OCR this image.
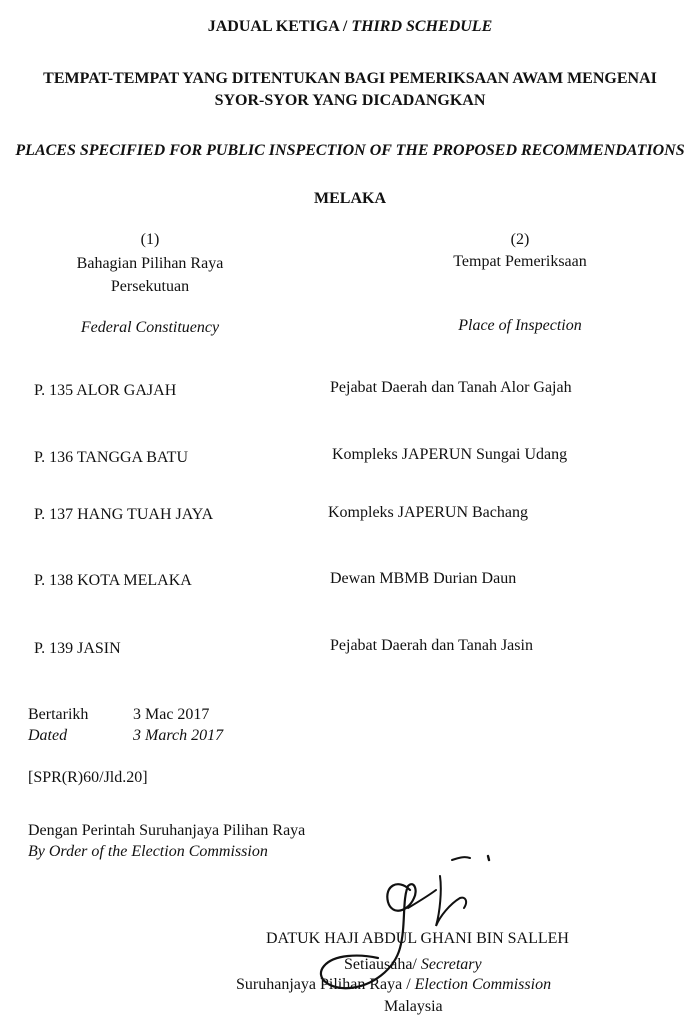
JADUAL KETIGA / THIRD SCHEDULE
TEMPAT-TEMPAT YANG DITENTUKAN BAGI PEMERIKSAAN AWAM MENGENAI
SYOR-SYOR YANG DICADANGKAN
PLACES SPECIFIED FOR PUBLIC INSPECTION OF THE PROPOSED RECOMMENDATIONS
MELAKA
(1)
Bahagian Pilihan Raya
Persekutuan
Federal Constituency
(2)
Tempat Pemeriksaan
Place of Inspection
P. 135 ALOR GAJAH	Pejabat Daerah dan Tanah Alor Gajah
P. 136 TANGGA BATU	Kompleks JAPERUN Sungai Udang
P. 137 HANG TUAH JAYA	Kompleks JAPERUN Bachang
P. 138 KOTA MELAKA	Dewan MBMB Durian Daun
P. 139 JASIN	Pejabat Daerah dan Tanah Jasin
Bertarikh	3 Mac 2017
Dated	3 March 2017
[SPR(R)60/Jld.20]
Dengan Perintah Suruhanjaya Pilihan Raya
By Order of the Election Commission
DATUK HAJI ABDUL GHANI BIN SALLEH
Setiausaha/ Secretary
Suruhanjaya Pilihan Raya / Election Commission
Malaysia
